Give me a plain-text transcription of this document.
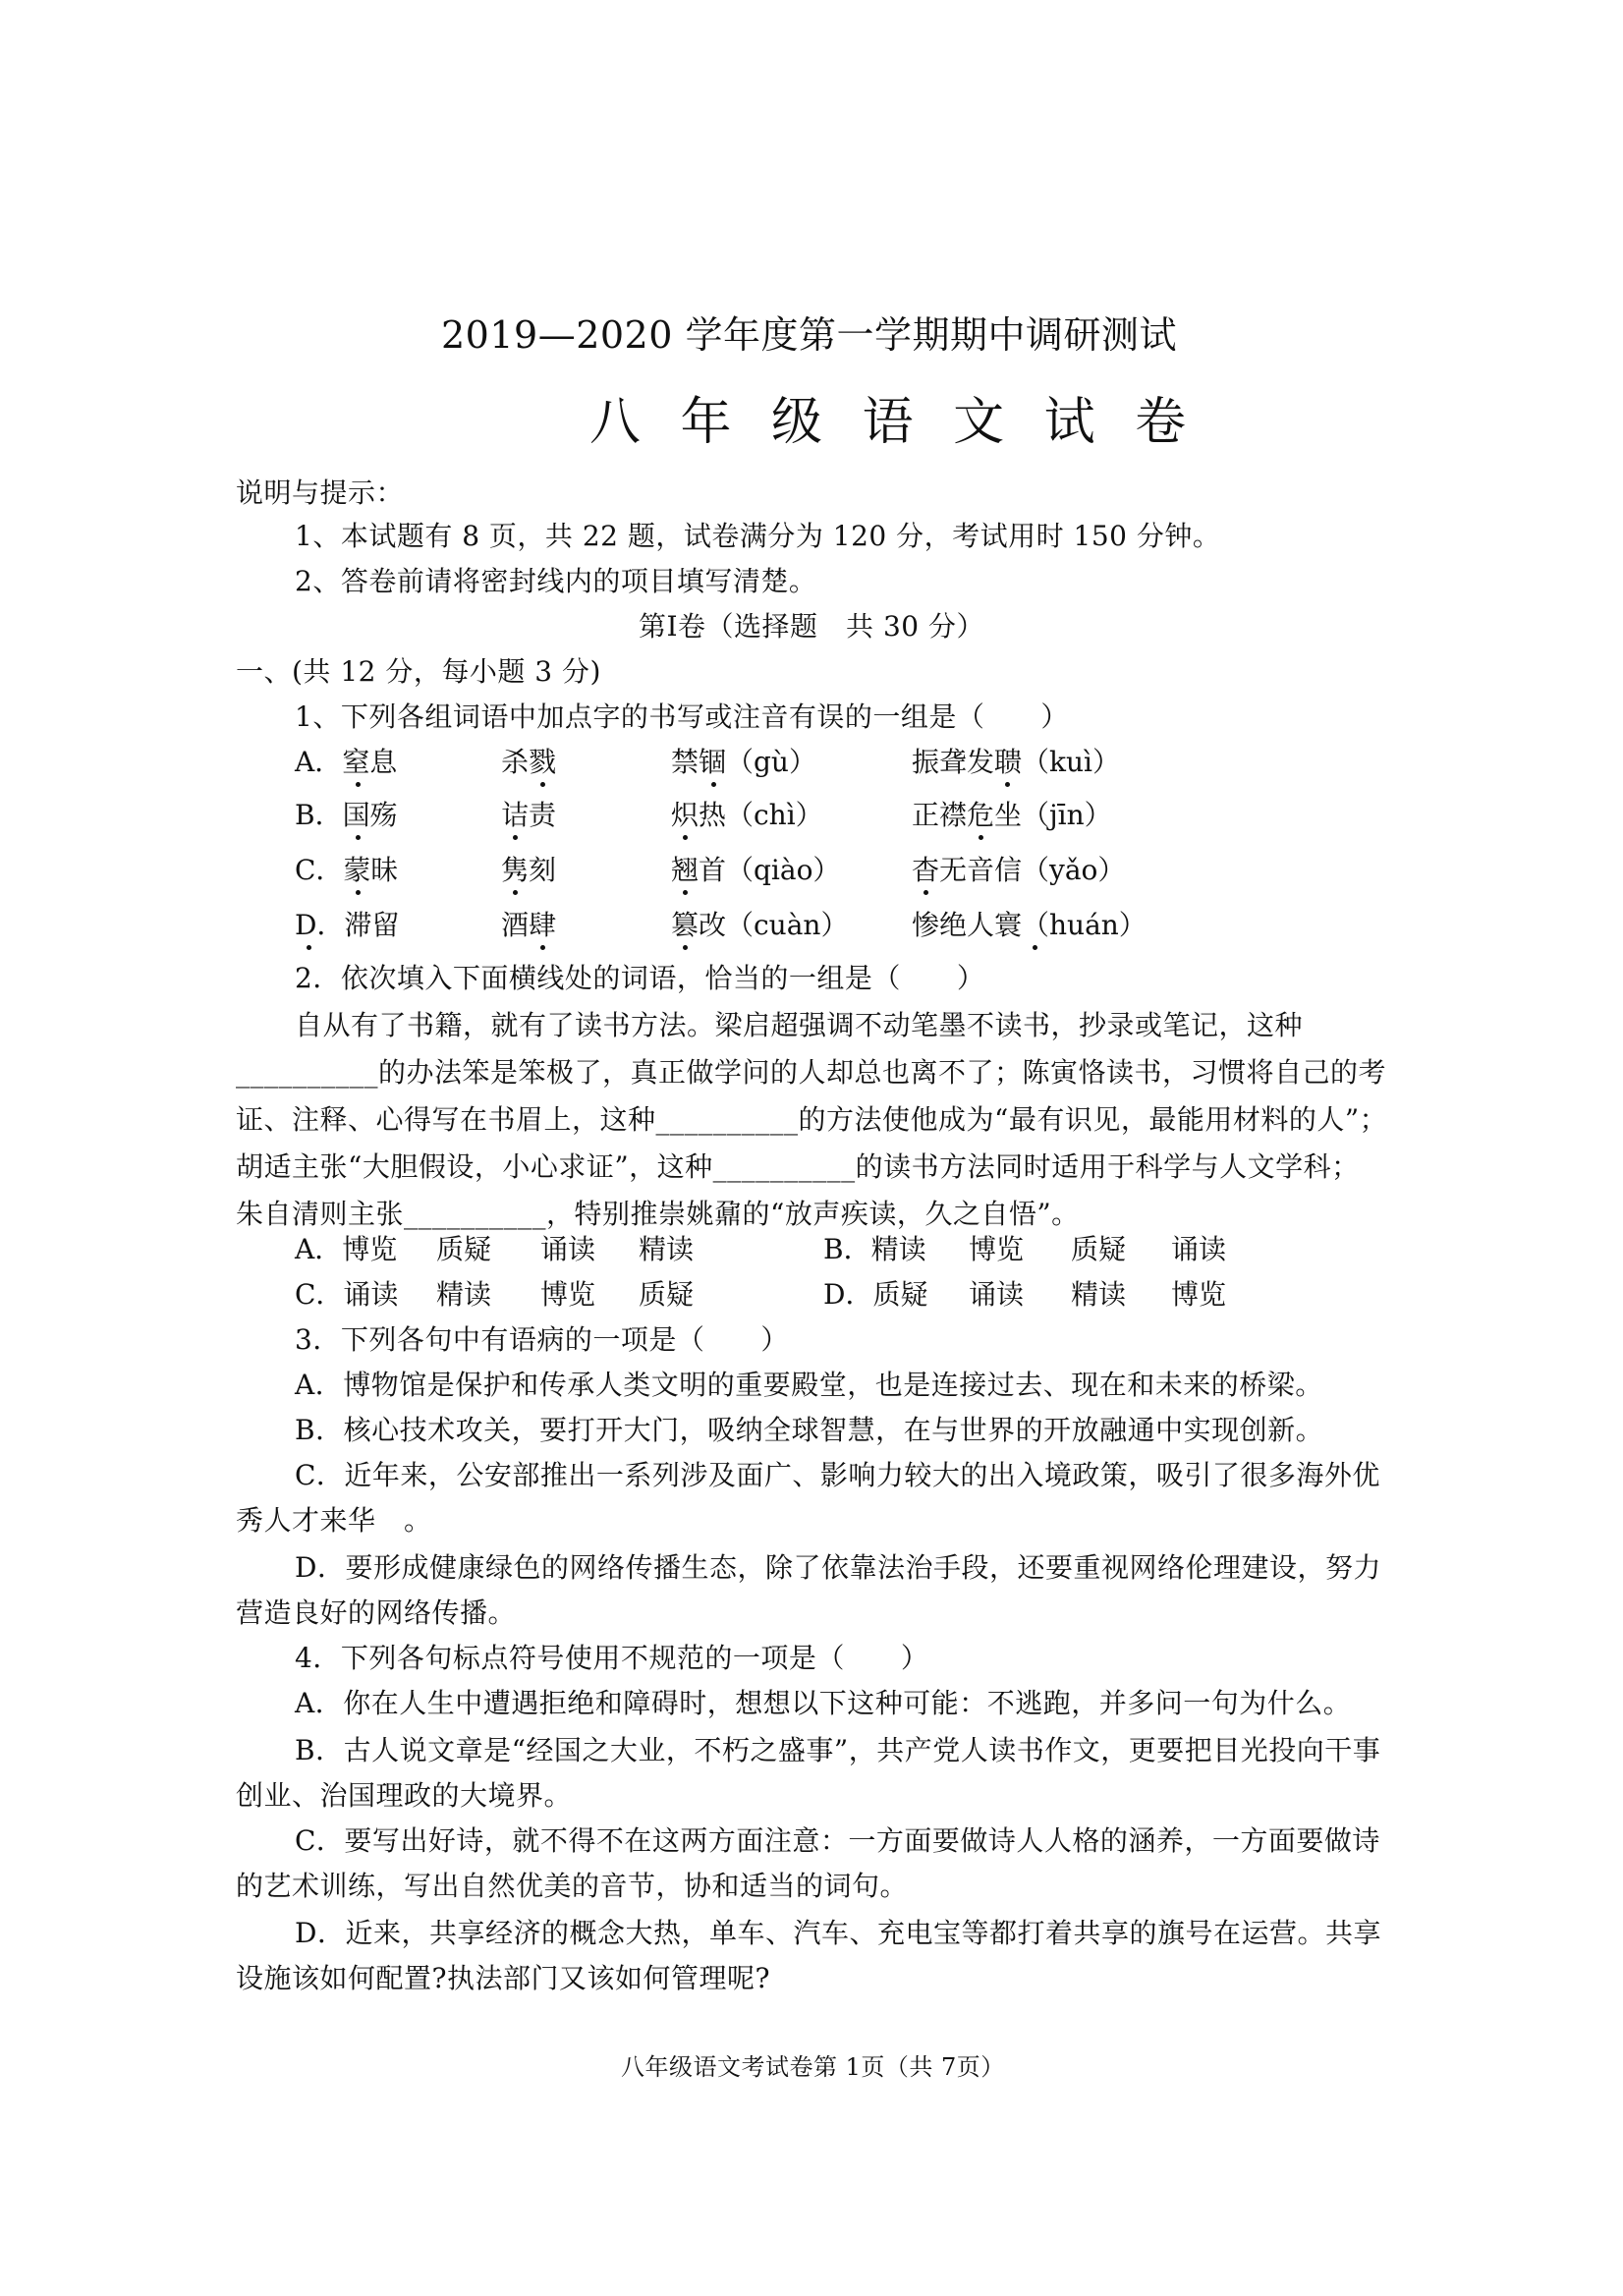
2019—2020 学年度第一学期期中调研测试
八 年 级 语 文 试 卷
说明与提示：
1、本试题有 8 页，共 22 题，试卷满分为 120 分，考试用时 150 分钟。
2、答卷前请将密封线内的项目填写清楚。
第Ⅰ卷（选择题　共 30 分）
一、(共 12 分，每小题 3 分)
1、下列各组词语中加点字的书写或注音有误的一组是（　　）
A．窒息	杀戮	禁锢（gù）	振聋发聩（kuì）
B．国殇	诘责	炽热（chì）	正襟危坐（jīn）
C．蒙昧	隽刻	翘首（qiào）	杳无音信（yǎo）
D．滞留	酒肆	篡改（cuàn） 惨绝人寰（huán）
2．依次填入下面横线处的词语，恰当的一组是（　　）
自从有了书籍，就有了读书方法。梁启超强调不动笔墨不读书，抄录或笔记，这种
__________的办法笨是笨极了，真正做学问的人却总也离不了；陈寅恪读书，习惯将自己的考
证、注释、心得写在书眉上，这种__________的方法使他成为“最有识见，最能用材料的人”；
胡适主张“大胆假设，小心求证”，这种__________的读书方法同时适用于科学与人文学科；
朱自清则主张__________，特别推崇姚鼐的“放声疾读，久之自悟”。
A．博览 质疑 诵读 精读	B．精读 博览 质疑 诵读
C．诵读 精读 博览 质疑	D．质疑 诵读 精读 博览
3．下列各句中有语病的一项是（　　）
A．博物馆是保护和传承人类文明的重要殿堂，也是连接过去、现在和未来的桥梁。
B．核心技术攻关，要打开大门，吸纳全球智慧，在与世界的开放融通中实现创新。
C．近年来，公安部推出一系列涉及面广、影响力较大的出入境政策，吸引了很多海外优
秀人才来华　。
D．要形成健康绿色的网络传播生态，除了依靠法治手段，还要重视网络伦理建设，努力
营造良好的网络传播。
4．下列各句标点符号使用不规范的一项是（　　）
A．你在人生中遭遇拒绝和障碍时，想想以下这种可能：不逃跑，并多问一句为什么。
B．古人说文章是“经国之大业，不朽之盛事”，共产党人读书作文，更要把目光投向干事
创业、治国理政的大境界。
C．要写出好诗，就不得不在这两方面注意：一方面要做诗人人格的涵养，一方面要做诗
的艺术训练，写出自然优美的音节，协和适当的词句。
D．近来，共享经济的概念大热，单车、汽车、充电宝等都打着共享的旗号在运营。共享
设施该如何配置?执法部门又该如何管理呢?
八年级语文考试卷第 1页（共 7页）
